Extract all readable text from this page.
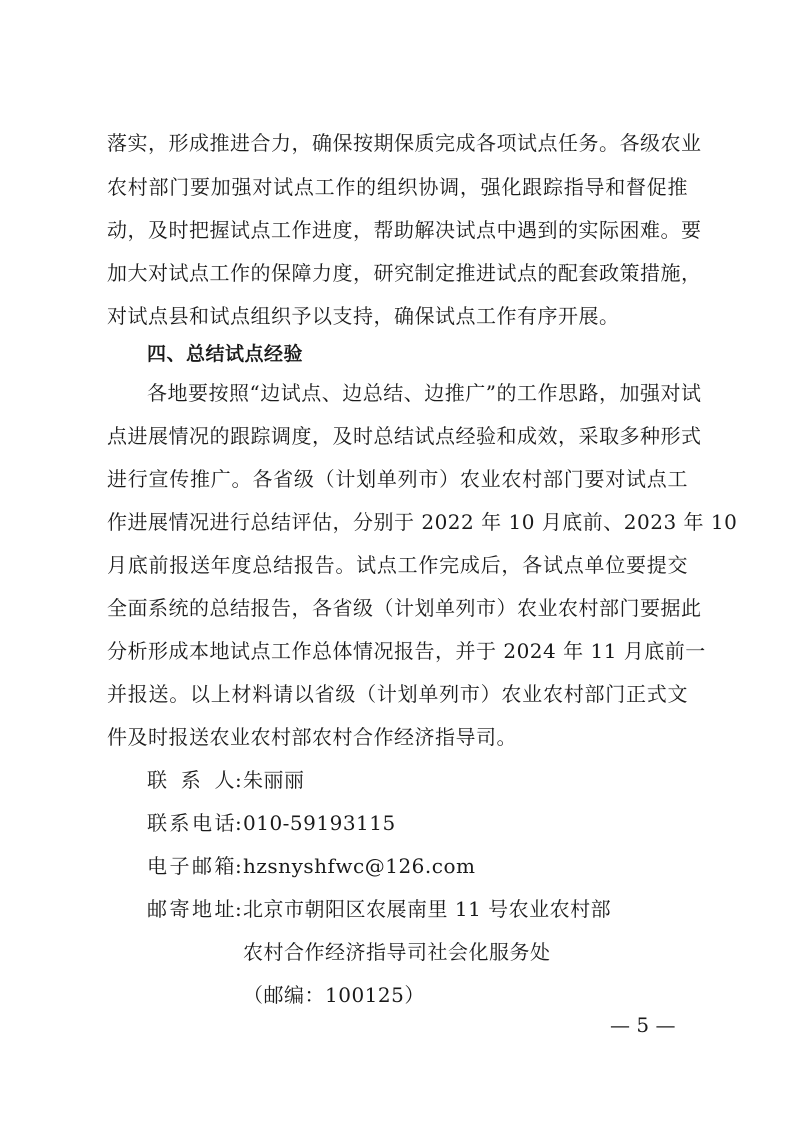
落实，形成推进合力，确保按期保质完成各项试点任务。各级农业
农村部门要加强对试点工作的组织协调，强化跟踪指导和督促推
动，及时把握试点工作进度，帮助解决试点中遇到的实际困难。要
加大对试点工作的保障力度，研究制定推进试点的配套政策措施，
对试点县和试点组织予以支持，确保试点工作有序开展。
四、总结试点经验
各地要按照“边试点、边总结、边推广”的工作思路，加强对试
点进展情况的跟踪调度，及时总结试点经验和成效，采取多种形式
进行宣传推广。各省级（计划单列市）农业农村部门要对试点工
作进展情况进行总结评估，分别于 2022 年 10 月底前、2023 年 10
月底前报送年度总结报告。试点工作完成后，各试点单位要提交
全面系统的总结报告，各省级（计划单列市）农业农村部门要据此
分析形成本地试点工作总体情况报告，并于 2024 年 11 月底前一
并报送。以上材料请以省级（计划单列市）农业农村部门正式文
件及时报送农业农村部农村合作经济指导司。
联 系 人:朱丽丽
联系电话:010-59193115
电子邮箱:hzsnyshfwc@126.com
邮寄地址:北京市朝阳区农展南里 11 号农业农村部
农村合作经济指导司社会化服务处
（邮编：100125）
— 5 —
